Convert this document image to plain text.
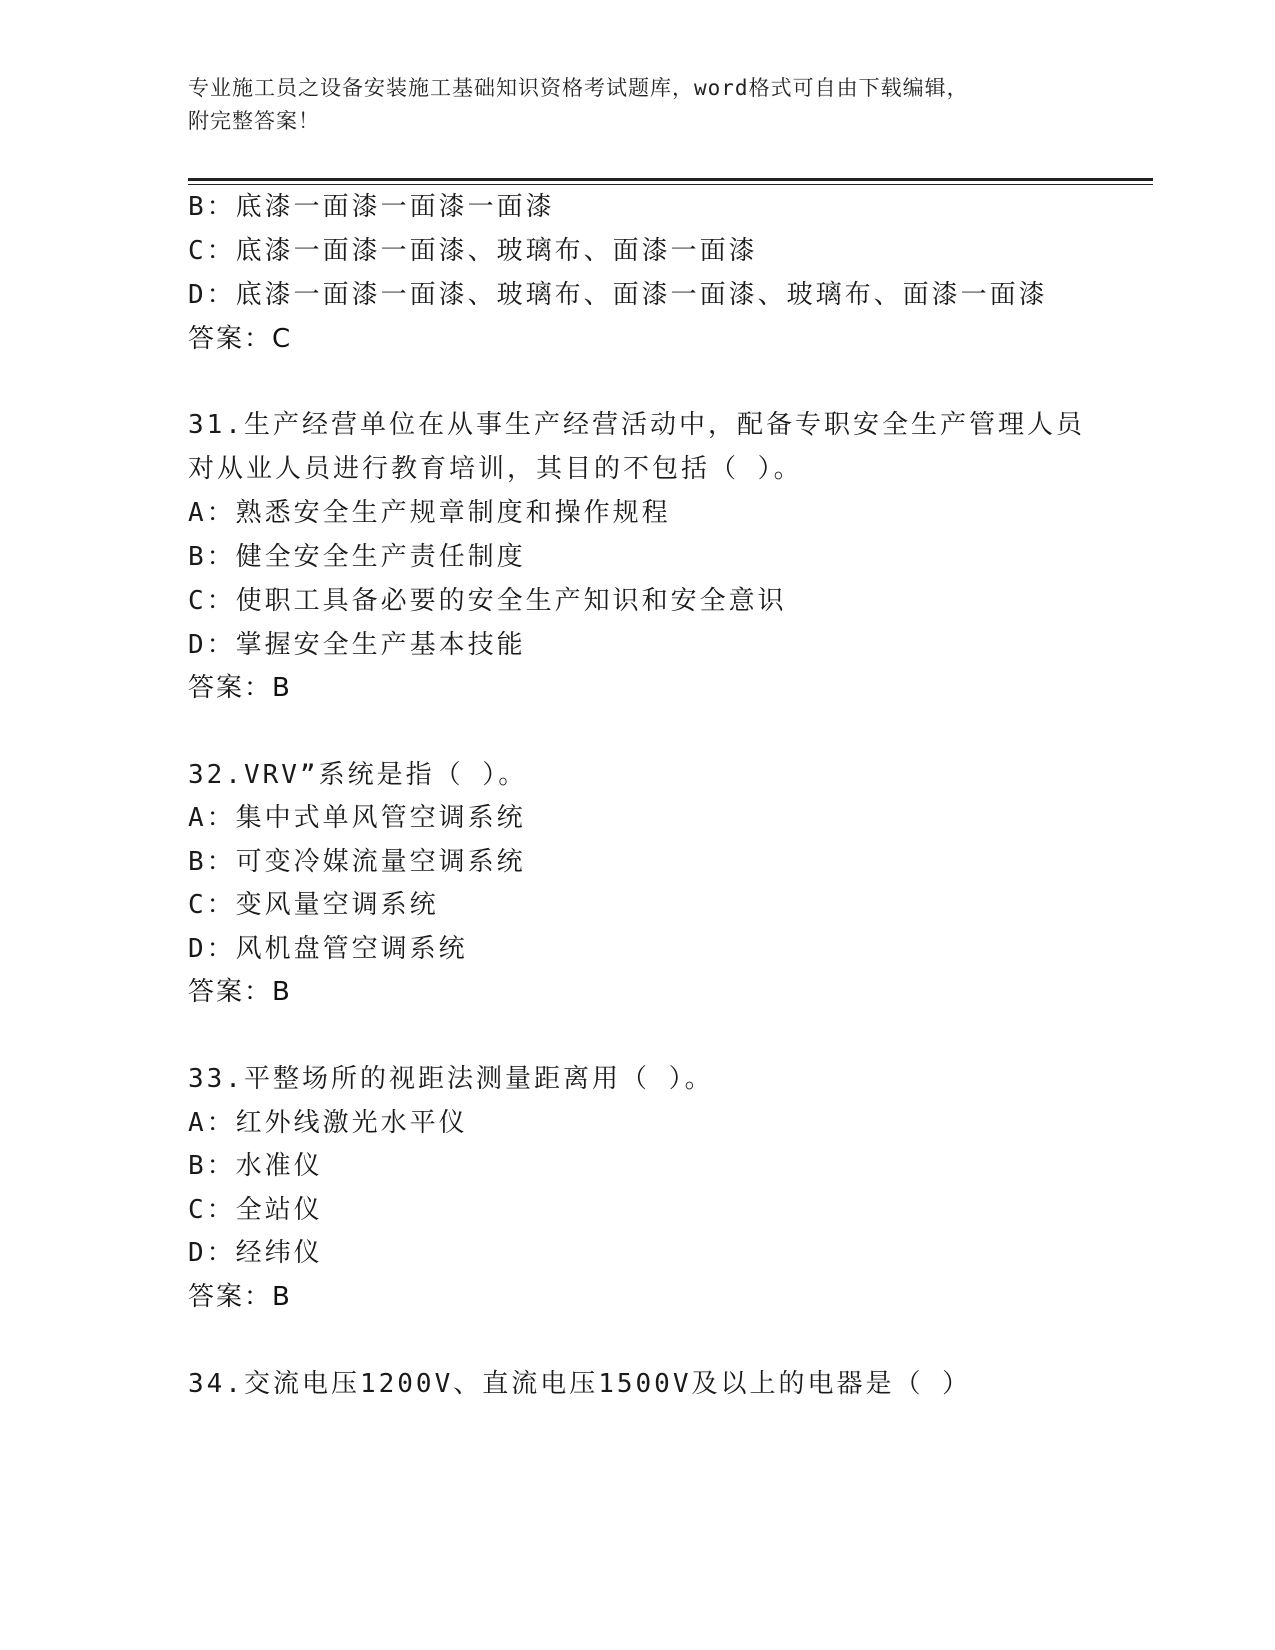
专业施工员之设备安装施工基础知识资格考试题库，word格式可自由下载编辑，
附完整答案！
B：底漆一面漆一面漆一面漆
C：底漆一面漆一面漆、玻璃布、面漆一面漆
D：底漆一面漆一面漆、玻璃布、面漆一面漆、玻璃布、面漆一面漆
答案：C
31.生产经营单位在从事生产经营活动中，配备专职安全生产管理人员
对从业人员进行教育培训，其目的不包括（ ）。
A：熟悉安全生产规章制度和操作规程
B：健全安全生产责任制度
C：使职工具备必要的安全生产知识和安全意识
D：掌握安全生产基本技能
答案：B
32.VRV”系统是指（ ）。
A：集中式单风管空调系统
B：可变冷媒流量空调系统
C：变风量空调系统
D：风机盘管空调系统
答案：B
33.平整场所的视距法测量距离用（ ）。
A：红外线激光水平仪
B：水准仪
C：全站仪
D：经纬仪
答案：B
34.交流电压1200V、直流电压1500V及以上的电器是（ ）
